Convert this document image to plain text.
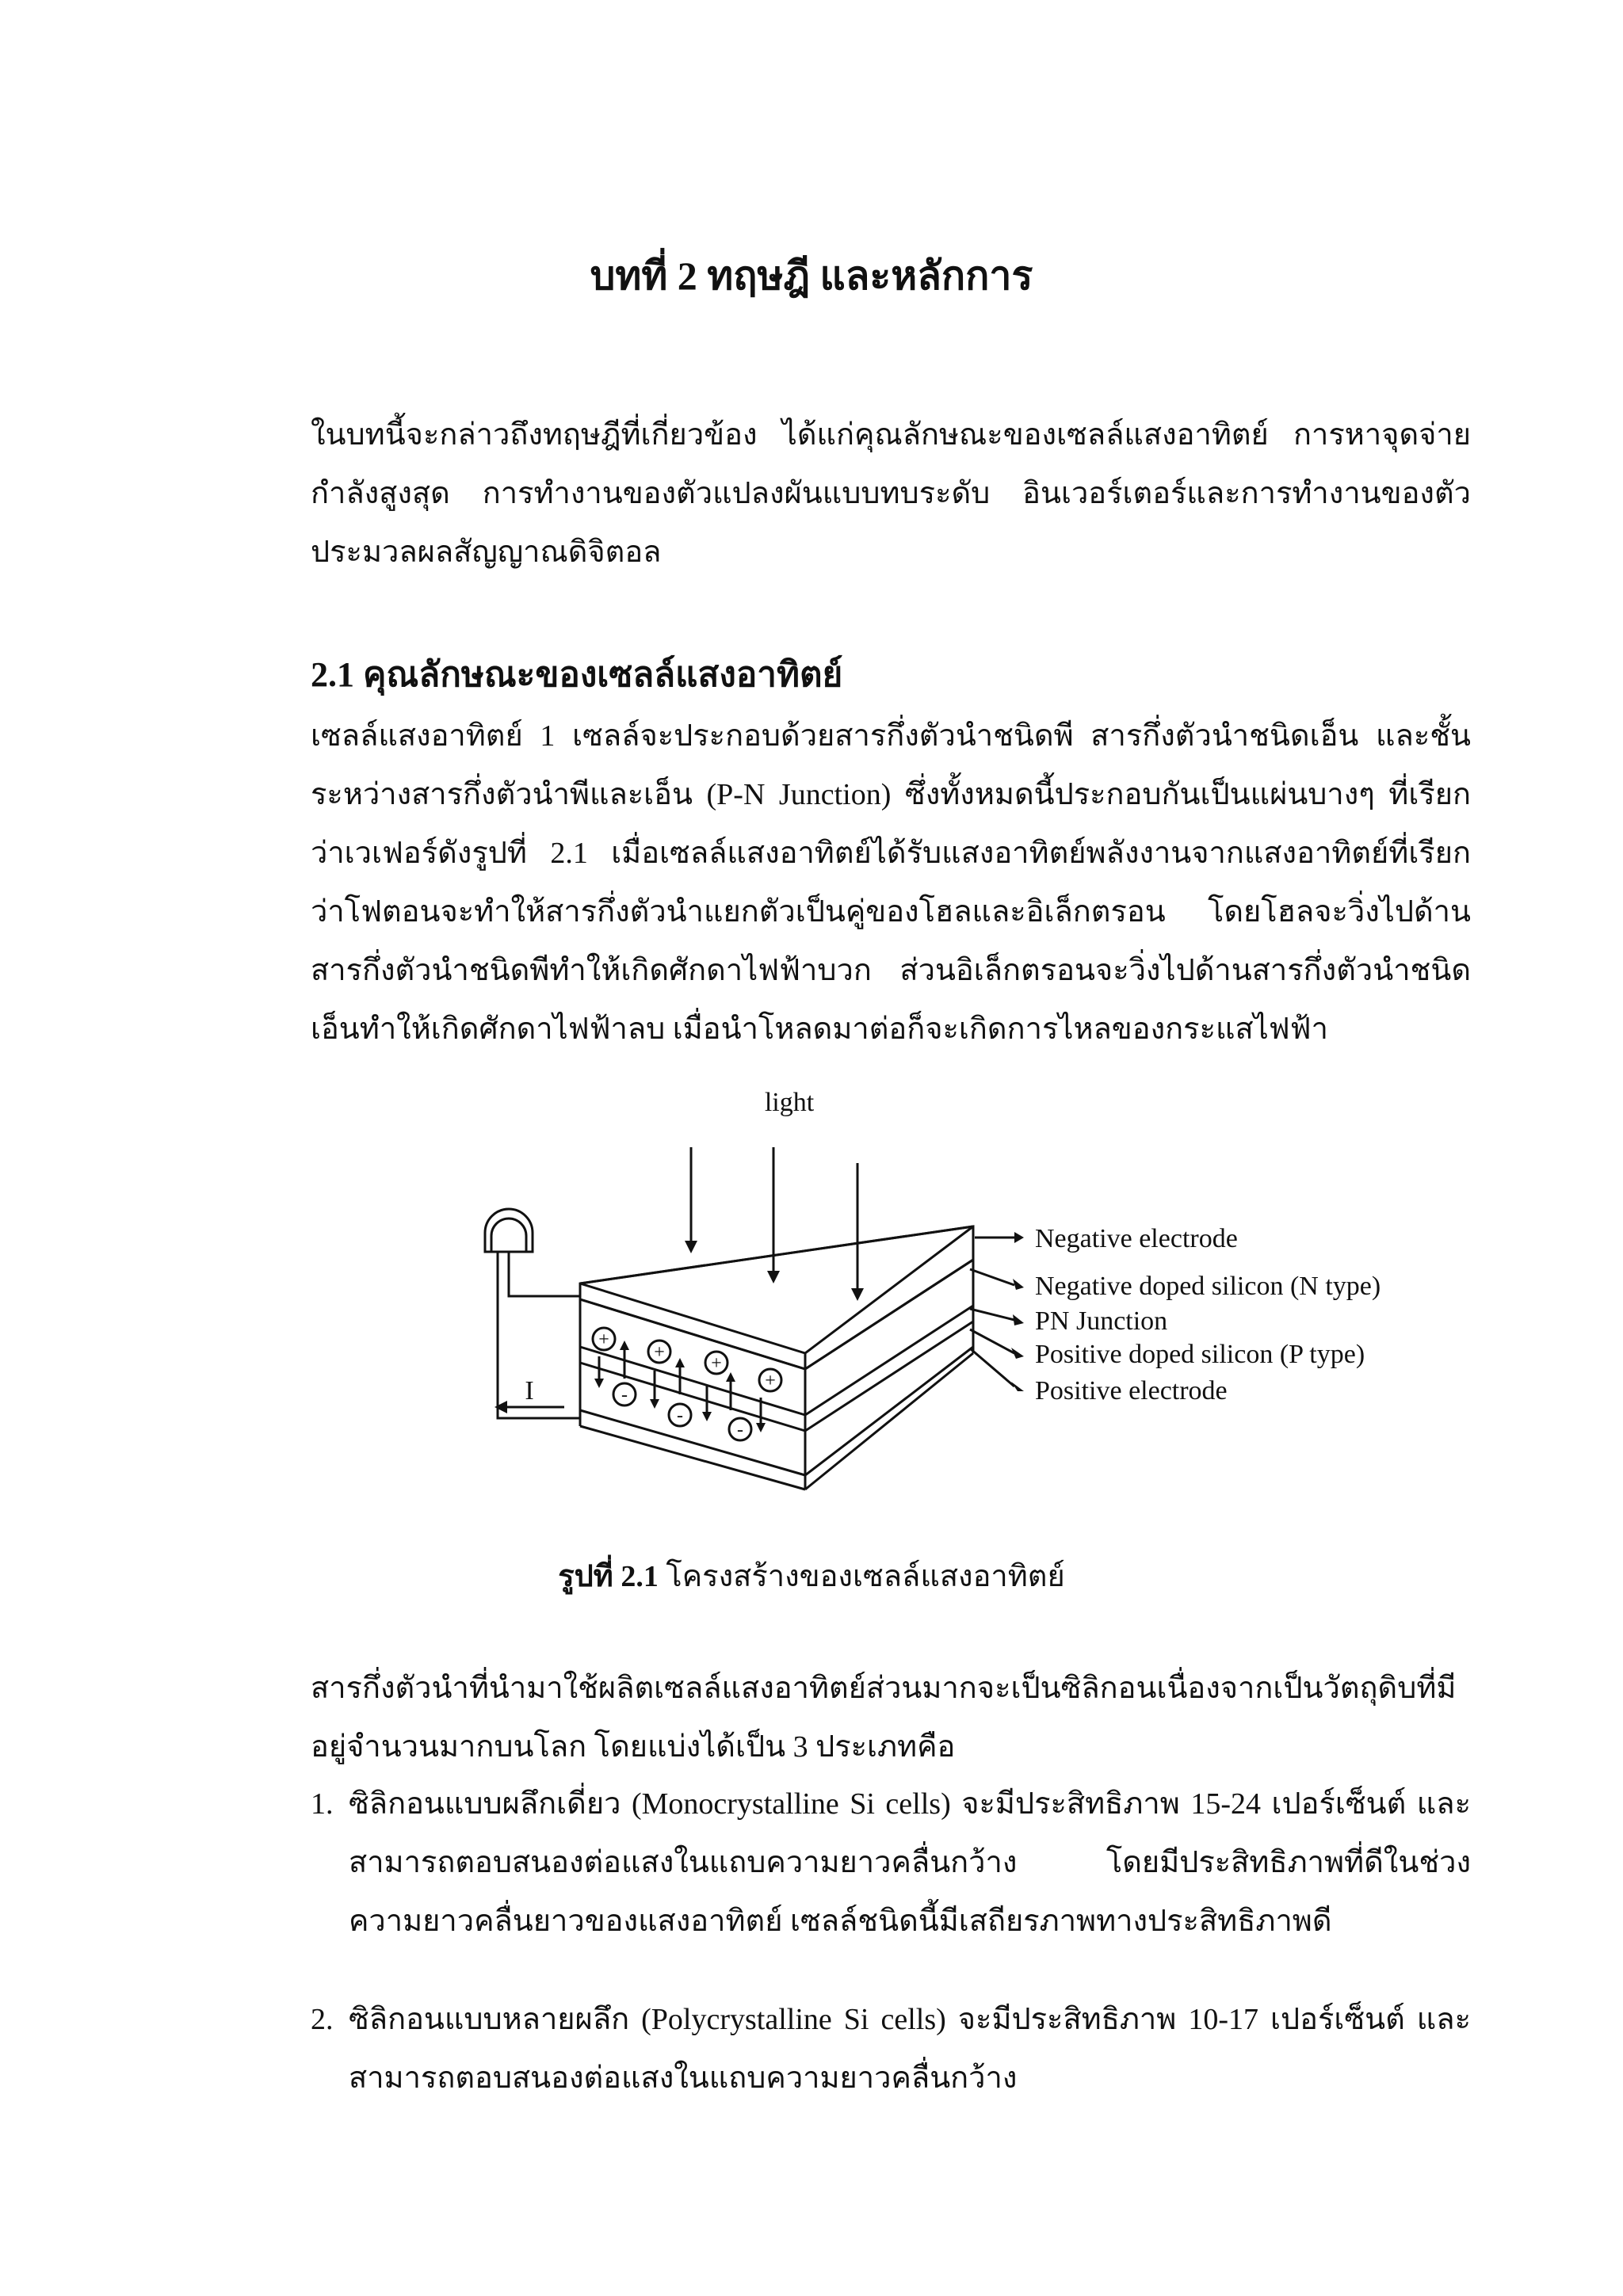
บทที่ 2 ทฤษฎี และหลักการ
ในบทนี้จะกล่าวถึงทฤษฎีที่เกี่ยวข้อง ได้แก่คุณลักษณะของเซลล์แสงอาทิตย์ การหาจุดจ่ายกำลังสูงสุด การทำงานของตัวแปลงผันแบบทบระดับ อินเวอร์เตอร์และการทำงานของตัวประมวลผลสัญญาณดิจิตอล
2.1 คุณลักษณะของเซลล์แสงอาทิตย์
เซลล์แสงอาทิตย์ 1 เซลล์จะประกอบด้วยสารกึ่งตัวนำชนิดพี สารกึ่งตัวนำชนิดเอ็น และชั้นระหว่างสารกึ่งตัวนำพีและเอ็น (P-N Junction) ซึ่งทั้งหมดนี้ประกอบกันเป็นแผ่นบางๆ ที่เรียกว่าเวเฟอร์ดังรูปที่ 2.1 เมื่อเซลล์แสงอาทิตย์ได้รับแสงอาทิตย์พลังงานจากแสงอาทิตย์ที่เรียกว่าโฟตอนจะทำให้สารกึ่งตัวนำแยกตัวเป็นคู่ของโฮลและอิเล็กตรอน โดยโฮลจะวิ่งไปด้านสารกึ่งตัวนำชนิดพีทำให้เกิดศักดาไฟฟ้าบวก ส่วนอิเล็กตรอนจะวิ่งไปด้านสารกึ่งตัวนำชนิดเอ็นทำให้เกิดศักดาไฟฟ้าลบ เมื่อนำโหลดมาต่อก็จะเกิดการไหลของกระแสไฟฟ้า
light
I
+
+
+
+
-
-
-
Negative electrode
Negative doped silicon (N type)
PN Junction
Positive doped silicon (P type)
Positive electrode
รูปที่ 2.1 โครงสร้างของเซลล์แสงอาทิตย์
สารกึ่งตัวนำที่นำมาใช้ผลิตเซลล์แสงอาทิตย์ส่วนมากจะเป็นซิลิกอนเนื่องจากเป็นวัตถุดิบที่มีอยู่จำนวนมากบนโลก โดยแบ่งได้เป็น 3 ประเภทคือ
1. ซิลิกอนแบบผลึกเดี่ยว (Monocrystalline Si cells) จะมีประสิทธิภาพ 15-24 เปอร์เซ็นต์ และสามารถตอบสนองต่อแสงในแถบความยาวคลื่นกว้าง โดยมีประสิทธิภาพที่ดีในช่วงความยาวคลื่นยาวของแสงอาทิตย์ เซลล์ชนิดนี้มีเสถียรภาพทางประสิทธิภาพดี
2. ซิลิกอนแบบหลายผลึก (Polycrystalline Si cells) จะมีประสิทธิภาพ 10-17 เปอร์เซ็นต์ และสามารถตอบสนองต่อแสงในแถบความยาวคลื่นกว้าง
